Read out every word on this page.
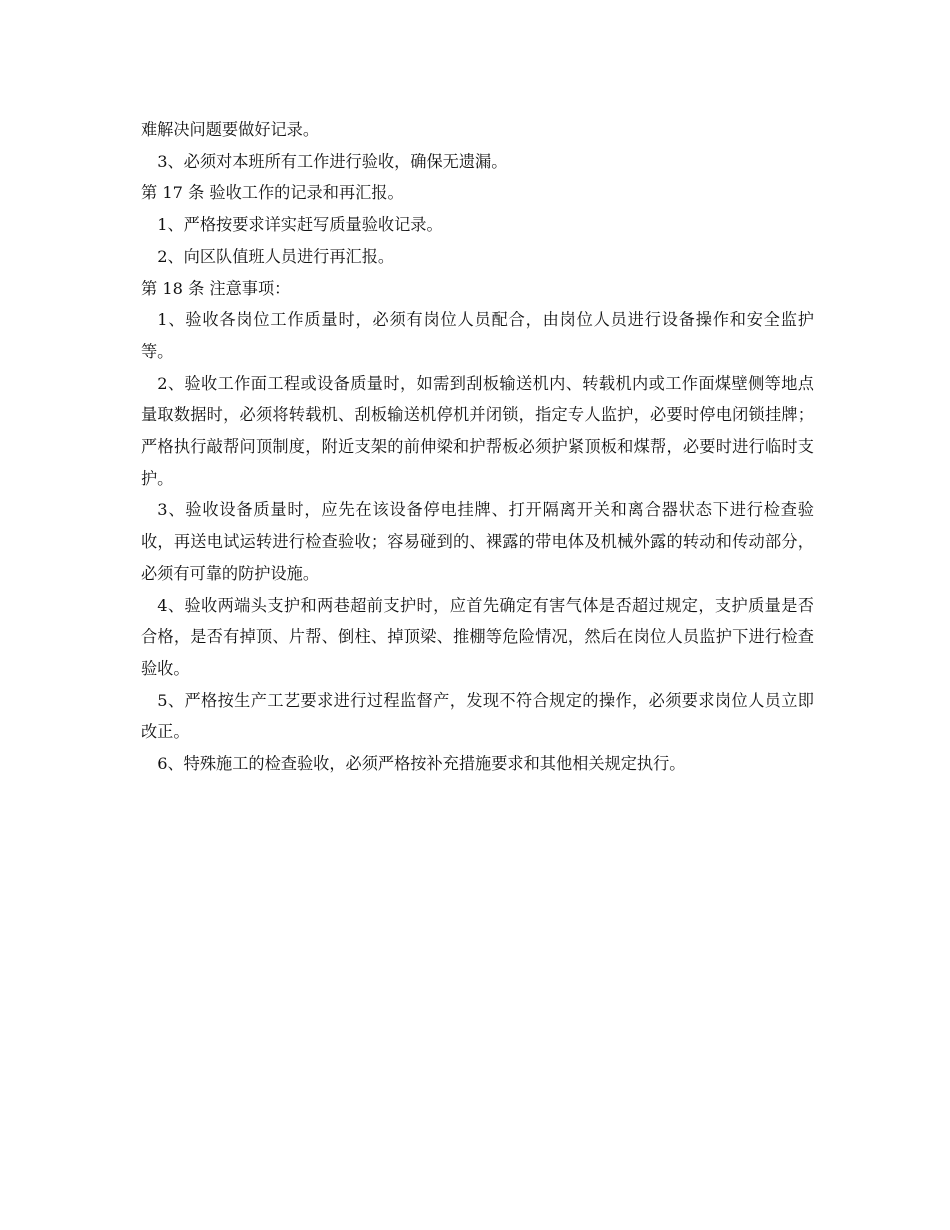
难解决问题要做好记录。

3、必须对本班所有工作进行验收，确保无遗漏。

第 17 条 验收工作的记录和再汇报。

1、严格按要求详实赶写质量验收记录。

2、向区队值班人员进行再汇报。

第 18 条 注意事项：

1、验收各岗位工作质量时，必须有岗位人员配合，由岗位人员进行设备操作和安全监护等。

2、验收工作面工程或设备质量时，如需到刮板输送机内、转载机内或工作面煤壁侧等地点量取数据时，必须将转载机、刮板输送机停机并闭锁，指定专人监护，必要时停电闭锁挂牌；严格执行敲帮问顶制度，附近支架的前伸梁和护帮板必须护紧顶板和煤帮，必要时进行临时支护。

3、验收设备质量时，应先在该设备停电挂牌、打开隔离开关和离合器状态下进行检查验收，再送电试运转进行检查验收；容易碰到的、裸露的带电体及机械外露的转动和传动部分，必须有可靠的防护设施。

4、验收两端头支护和两巷超前支护时，应首先确定有害气体是否超过规定，支护质量是否合格，是否有掉顶、片帮、倒柱、掉顶梁、推棚等危险情况，然后在岗位人员监护下进行检查验收。

5、严格按生产工艺要求进行过程监督产，发现不符合规定的操作，必须要求岗位人员立即改正。

6、特殊施工的检查验收，必须严格按补充措施要求和其他相关规定执行。
